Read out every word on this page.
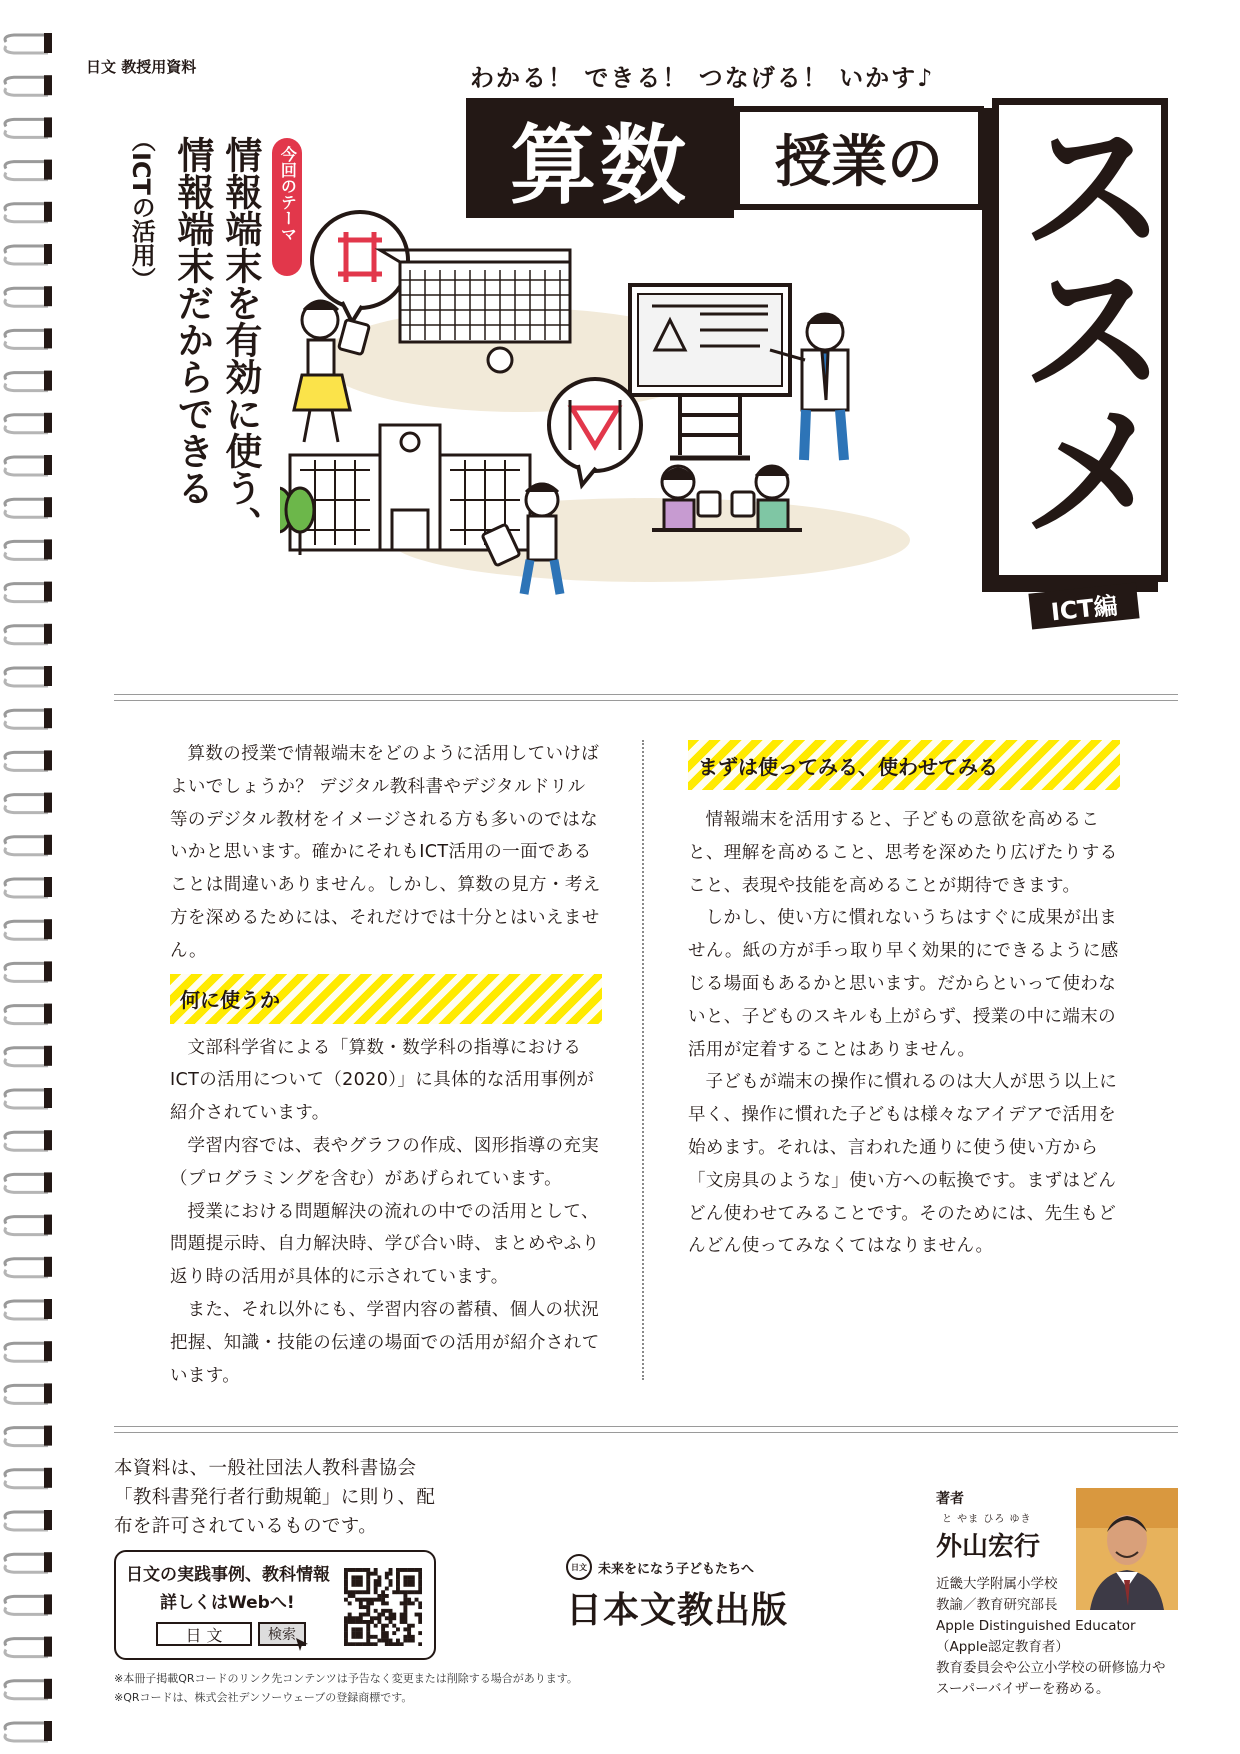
日文 教授用資料	わかる！ できる！ つなげる！ いかす♪
算数 授業の ススメ
ICT編
今回のテーマ
情報端末を有効に使う、
情報端末だからできる
（ICTの活用）

算数の授業で情報端末をどのように活用していけばよいでしょうか？ デジタル教科書やデジタルドリル等のデジタル教材をイメージされる方も多いのではないかと思います。確かにそれもICT活用の一面であることは間違いありません。しかし、算数の見方・考え方を深めるためには、それだけでは十分とはいえません。

何に使うか

文部科学省による「算数・数学科の指導におけるICTの活用について（2020）」に具体的な活用事例が紹介されています。

学習内容では、表やグラフの作成、図形指導の充実（プログラミングを含む）があげられています。

授業における問題解決の流れの中での活用として、問題提示時、自力解決時、学び合い時、まとめやふり返り時の活用が具体的に示されています。

また、それ以外にも、学習内容の蓄積、個人の状況把握、知識・技能の伝達の場面での活用が紹介されています。

まずは使ってみる、使わせてみる

情報端末を活用すると、子どもの意欲を高めること、理解を高めること、思考を深めたり広げたりすること、表現や技能を高めることが期待できます。

しかし、使い方に慣れないうちはすぐに成果が出ません。紙の方が手っ取り早く効果的にできるように感じる場面もあるかと思います。だからといって使わないと、子どものスキルも上がらず、授業の中に端末の活用が定着することはありません。

子どもが端末の操作に慣れるのは大人が思う以上に早く、操作に慣れた子どもは様々なアイデアで活用を始めます。それは、言われた通りに使う使い方から「文房具のような」使い方への転換です。まずはどんどん使わせてみることです。そのためには、先生もどんどん使ってみなくてはなりません。

本資料は、一般社団法人教科書協会「教科書発行者行動規範」に則り、配布を許可されているものです。
日文の実践事例、教科情報
詳しくはWebへ!
日 文	検索
※本冊子掲載QRコードのリンク先コンテンツは予告なく変更または削除する場合があります。
※QRコードは、株式会社デンソーウェーブの登録商標です。
日文 未来をになう子どもたちへ
日本文教出版
著者
と やま ひろ ゆき
外山宏行
近畿大学附属小学校
教諭／教育研究部長
Apple Distinguished Educator
（Apple認定教育者）
教育委員会や公立小学校の研修協力や
スーパーバイザーを務める。
